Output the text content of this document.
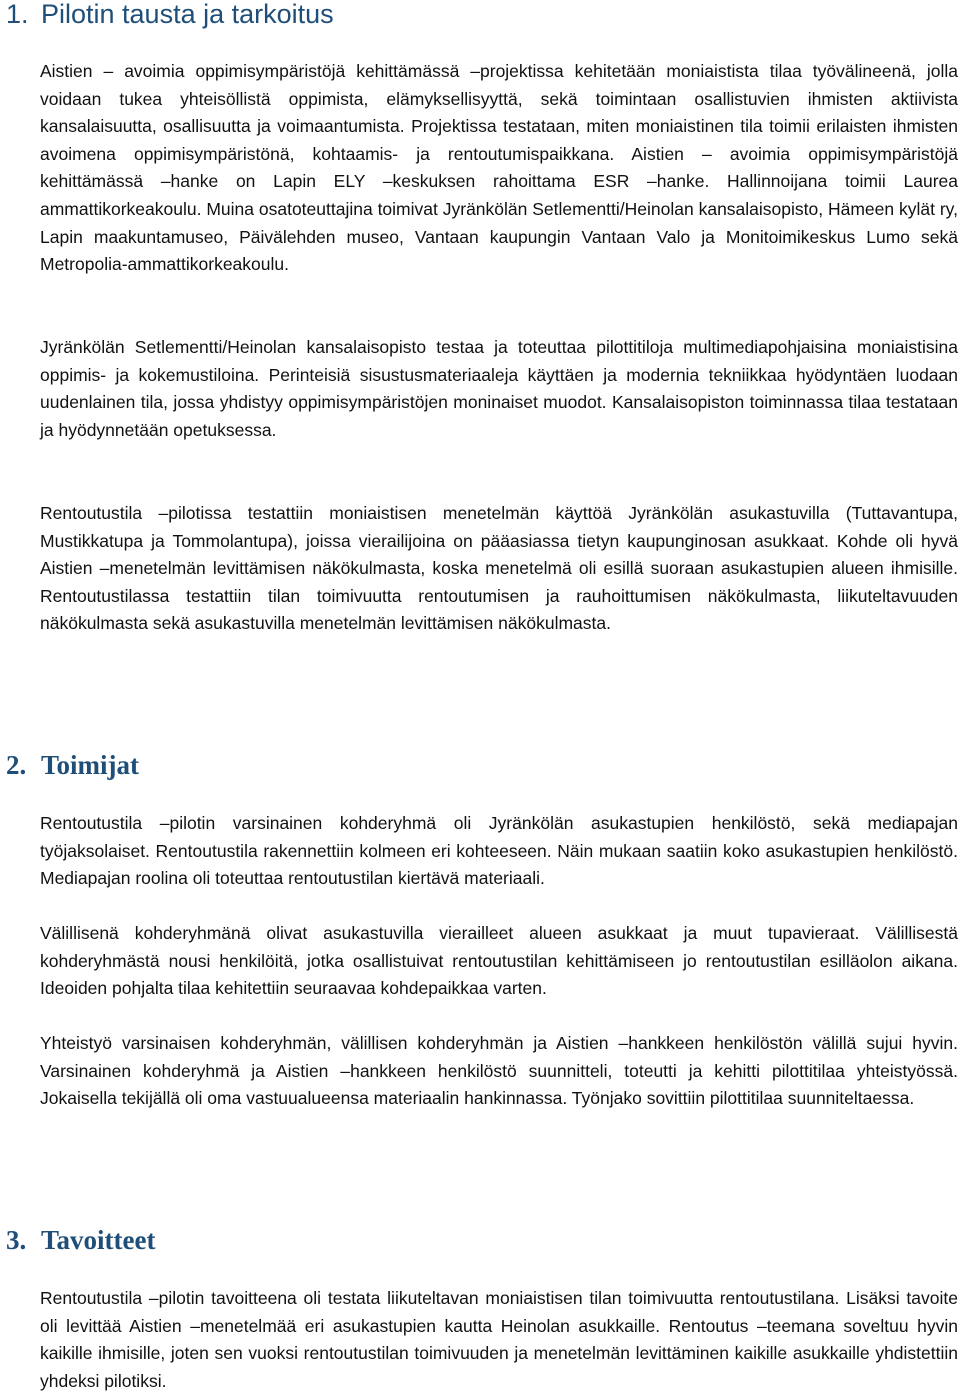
1. Pilotin tausta ja tarkoitus

Aistien – avoimia oppimisympäristöjä kehittämässä –projektissa kehitetään moniaistista tilaa työvälineenä, jolla voidaan tukea yhteisöllistä oppimista, elämyksellisyyttä, sekä toimintaan osallistuvien ihmisten aktiivista kansalaisuutta, osallisuutta ja voimaantumista. Projektissa testataan, miten moniaistinen tila toimii erilaisten ihmisten avoimena oppimisympäristönä, kohtaamis- ja rentoutumispaikkana. Aistien – avoimia oppimisympäristöjä kehittämässä –hanke on Lapin ELY –keskuksen rahoittama ESR –hanke. Hallinnoijana toimii Laurea ammattikorkeakoulu. Muina osatoteuttajina toimivat Jyränkölän Setlementti/Heinolan kansalaisopisto, Hämeen kylät ry, Lapin maakuntamuseo, Päivälehden museo, Vantaan kaupungin Vantaan Valo ja Monitoimikeskus Lumo sekä Metropolia-ammattikorkeakoulu.

Jyränkölän Setlementti/Heinolan kansalaisopisto testaa ja toteuttaa pilottitiloja multimediapohjaisina moniaistisina oppimis- ja kokemustiloina. Perinteisiä sisustusmateriaaleja käyttäen ja modernia tekniikkaa hyödyntäen luodaan uudenlainen tila, jossa yhdistyy oppimisympäristöjen moninaiset muodot. Kansalaisopiston toiminnassa tilaa testataan ja hyödynnetään opetuksessa.

Rentoutustila –pilotissa testattiin moniaistisen menetelmän käyttöä Jyränkölän asukastuvilla (Tuttavantupa, Mustikkatupa ja Tommolantupa), joissa vierailijoina on pääasiassa tietyn kaupunginosan asukkaat. Kohde oli hyvä Aistien –menetelmän levittämisen näkökulmasta, koska menetelmä oli esillä suoraan asukastupien alueen ihmisille. Rentoutustilassa testattiin tilan toimivuutta rentoutumisen ja rauhoittumisen näkökulmasta, liikuteltavuuden näkökulmasta sekä asukastuvilla menetelmän levittämisen näkökulmasta.

2. Toimijat

Rentoutustila –pilotin varsinainen kohderyhmä oli Jyränkölän asukastupien henkilöstö, sekä mediapajan työjaksolaiset. Rentoutustila rakennettiin kolmeen eri kohteeseen. Näin mukaan saatiin koko asukastupien henkilöstö. Mediapajan roolina oli toteuttaa rentoutustilan kiertävä materiaali.

Välillisenä kohderyhmänä olivat asukastuvilla vierailleet alueen asukkaat ja muut tupavieraat. Välillisestä kohderyhmästä nousi henkilöitä, jotka osallistuivat rentoutustilan kehittämiseen jo rentoutustilan esilläolon aikana. Ideoiden pohjalta tilaa kehitettiin seuraavaa kohdepaikkaa varten.

Yhteistyö varsinaisen kohderyhmän, välillisen kohderyhmän ja Aistien –hankkeen henkilöstön välillä sujui hyvin. Varsinainen kohderyhmä ja Aistien –hankkeen henkilöstö suunnitteli, toteutti ja kehitti pilottitilaa yhteistyössä. Jokaisella tekijällä oli oma vastuualueensa materiaalin hankinnassa. Työnjako sovittiin pilottitilaa suunniteltaessa.

3. Tavoitteet

Rentoutustila –pilotin tavoitteena oli testata liikuteltavan moniaistisen tilan toimivuutta rentoutustilana. Lisäksi tavoite oli levittää Aistien –menetelmää eri asukastupien kautta Heinolan asukkaille. Rentoutus –teemana soveltuu hyvin kaikille ihmisille, joten sen vuoksi rentoutustilan toimivuuden ja menetelmän levittäminen kaikille asukkaille yhdistettiin yhdeksi pilotiksi.
